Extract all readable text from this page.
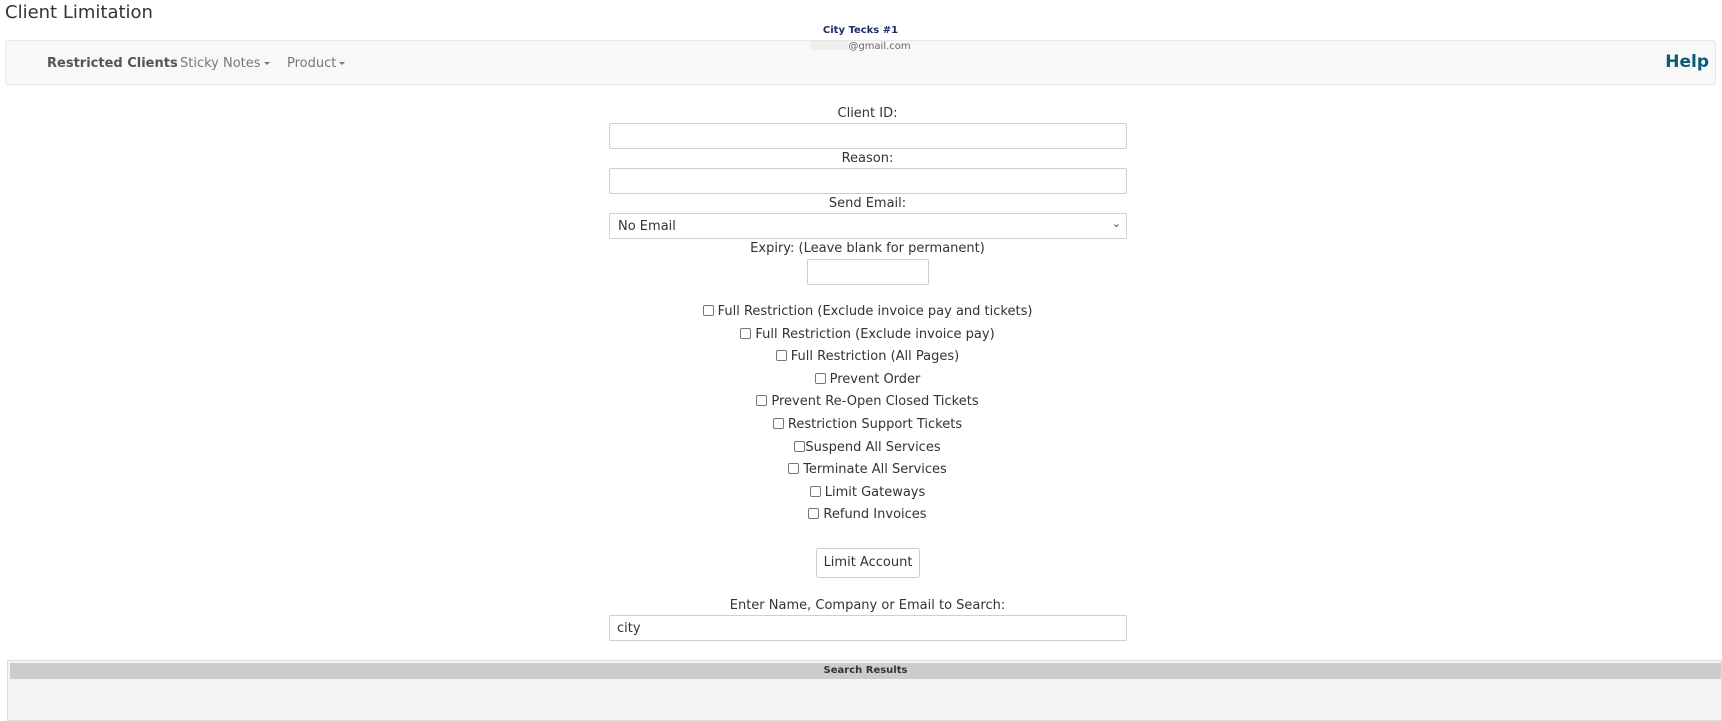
Client Limitation
Restricted Clients Sticky Notes	Product	Help
Client ID:
Reason:
Send Email:
No Email	⌄
Expiry: (Leave blank for permanent)
Full Restriction (Exclude invoice pay and tickets)
Full Restriction (Exclude invoice pay)
Full Restriction (All Pages)
Prevent Order
Prevent Re-Open Closed Tickets
Restriction Support Tickets
Suspend All Services
Terminate All Services
Limit Gateways
Refund Invoices
Limit Account
Enter Name, Company or Email to Search:
city
Search Results
City Tecks #1
@gmail.com
